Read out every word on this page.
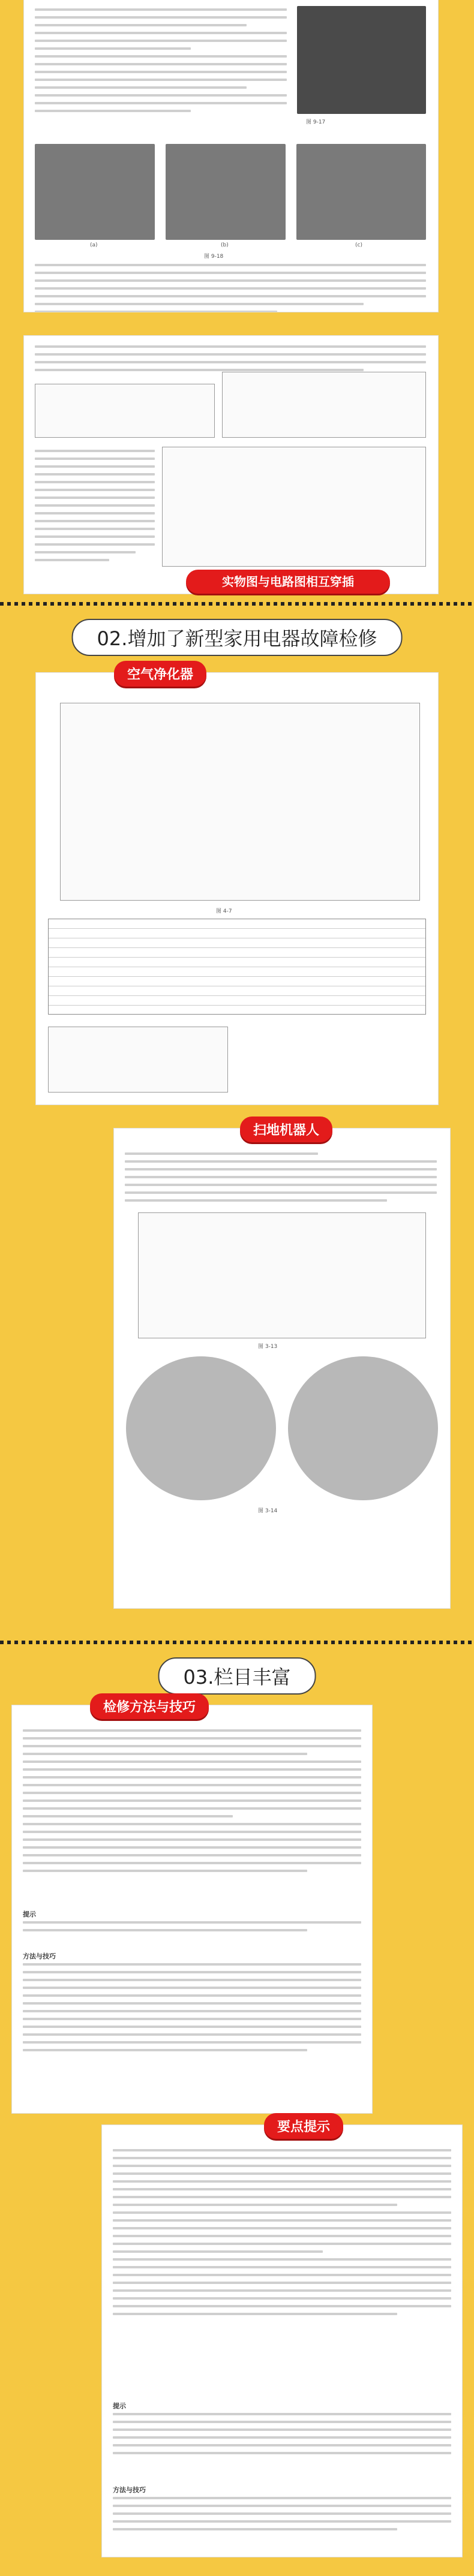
图 9-17
(a)	(b)	(c)
图 9-18
实物图与电路图相互穿插
02.增加了新型家用电器故障检修
图 4-7
空气净化器
图 3-13
图 3-14
扫地机器人
03.栏目丰富
提示
方法与技巧
检修方法与技巧
提示
方法与技巧
要点提示
